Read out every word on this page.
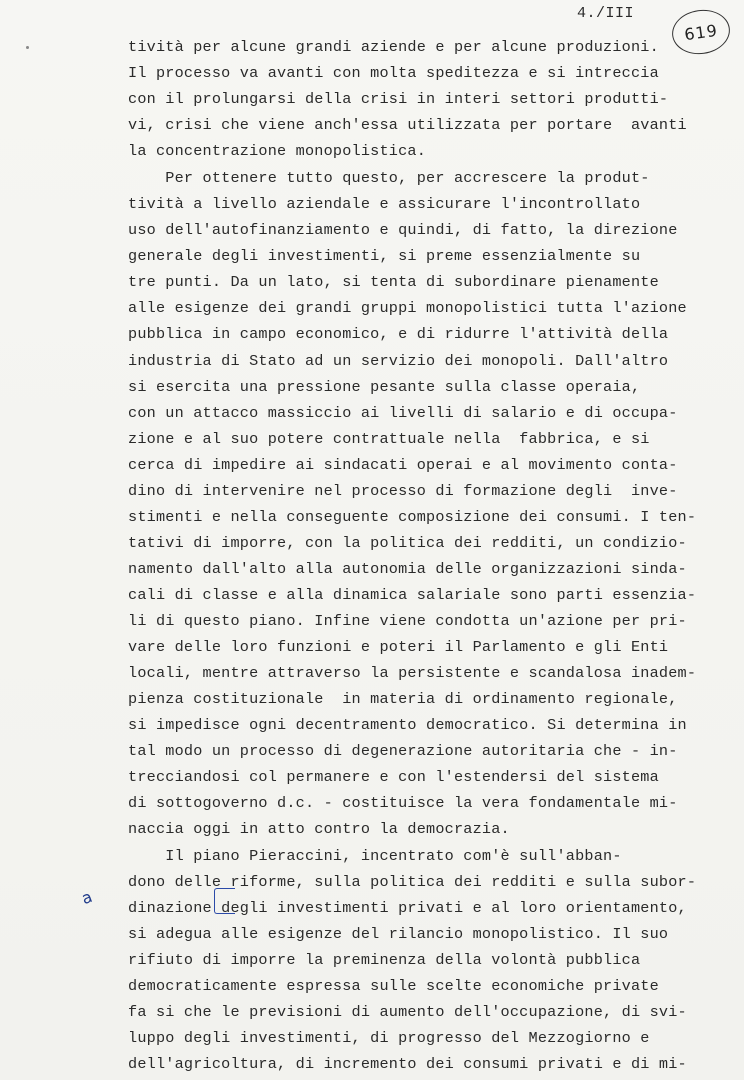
4./III
619
a
tività per alcune grandi aziende e per alcune produzioni.
Il processo va avanti con molta speditezza e si intreccia
con il prolungarsi della crisi in interi settori produtti-
vi, crisi che viene anch'essa utilizzata per portare  avanti
la concentrazione monopolistica.
Per ottenere tutto questo, per accrescere la produt-
tività a livello aziendale e assicurare l'incontrollato
uso dell'autofinanziamento e quindi, di fatto, la direzione
generale degli investimenti, si preme essenzialmente su
tre punti. Da un lato, si tenta di subordinare pienamente
alle esigenze dei grandi gruppi monopolistici tutta l'azione
pubblica in campo economico, e di ridurre l'attività della
industria di Stato ad un servizio dei monopoli. Dall'altro
si esercita una pressione pesante sulla classe operaia,
con un attacco massiccio ai livelli di salario e di occupa-
zione e al suo potere contrattuale nella  fabbrica, e si
cerca di impedire ai sindacati operai e al movimento conta-
dino di intervenire nel processo di formazione degli  inve-
stimenti e nella conseguente composizione dei consumi. I ten-
tativi di imporre, con la politica dei redditi, un condizio-
namento dall'alto alla autonomia delle organizzazioni sinda-
cali di classe e alla dinamica salariale sono parti essenzia-
li di questo piano. Infine viene condotta un'azione per pri-
vare delle loro funzioni e poteri il Parlamento e gli Enti
locali, mentre attraverso la persistente e scandalosa inadem-
pienza costituzionale  in materia di ordinamento regionale,
si impedisce ogni decentramento democratico. Si determina in
tal modo un processo di degenerazione autoritaria che - in-
trecciandosi col permanere e con l'estendersi del sistema
di sottogoverno d.c. - costituisce la vera fondamentale mi-
naccia oggi in atto contro la democrazia.
Il piano Pieraccini, incentrato com'è sull'abban-
dono delle riforme, sulla politica dei redditi e sulla subor-
dinazione degli investimenti privati e al loro orientamento,
si adegua alle esigenze del rilancio monopolistico. Il suo
rifiuto di imporre la preminenza della volontà pubblica
democraticamente espressa sulle scelte economiche private
fa si che le previsioni di aumento dell'occupazione, di svi-
luppo degli investimenti, di progresso del Mezzogiorno e
dell'agricoltura, di incremento dei consumi privati e di mi-
